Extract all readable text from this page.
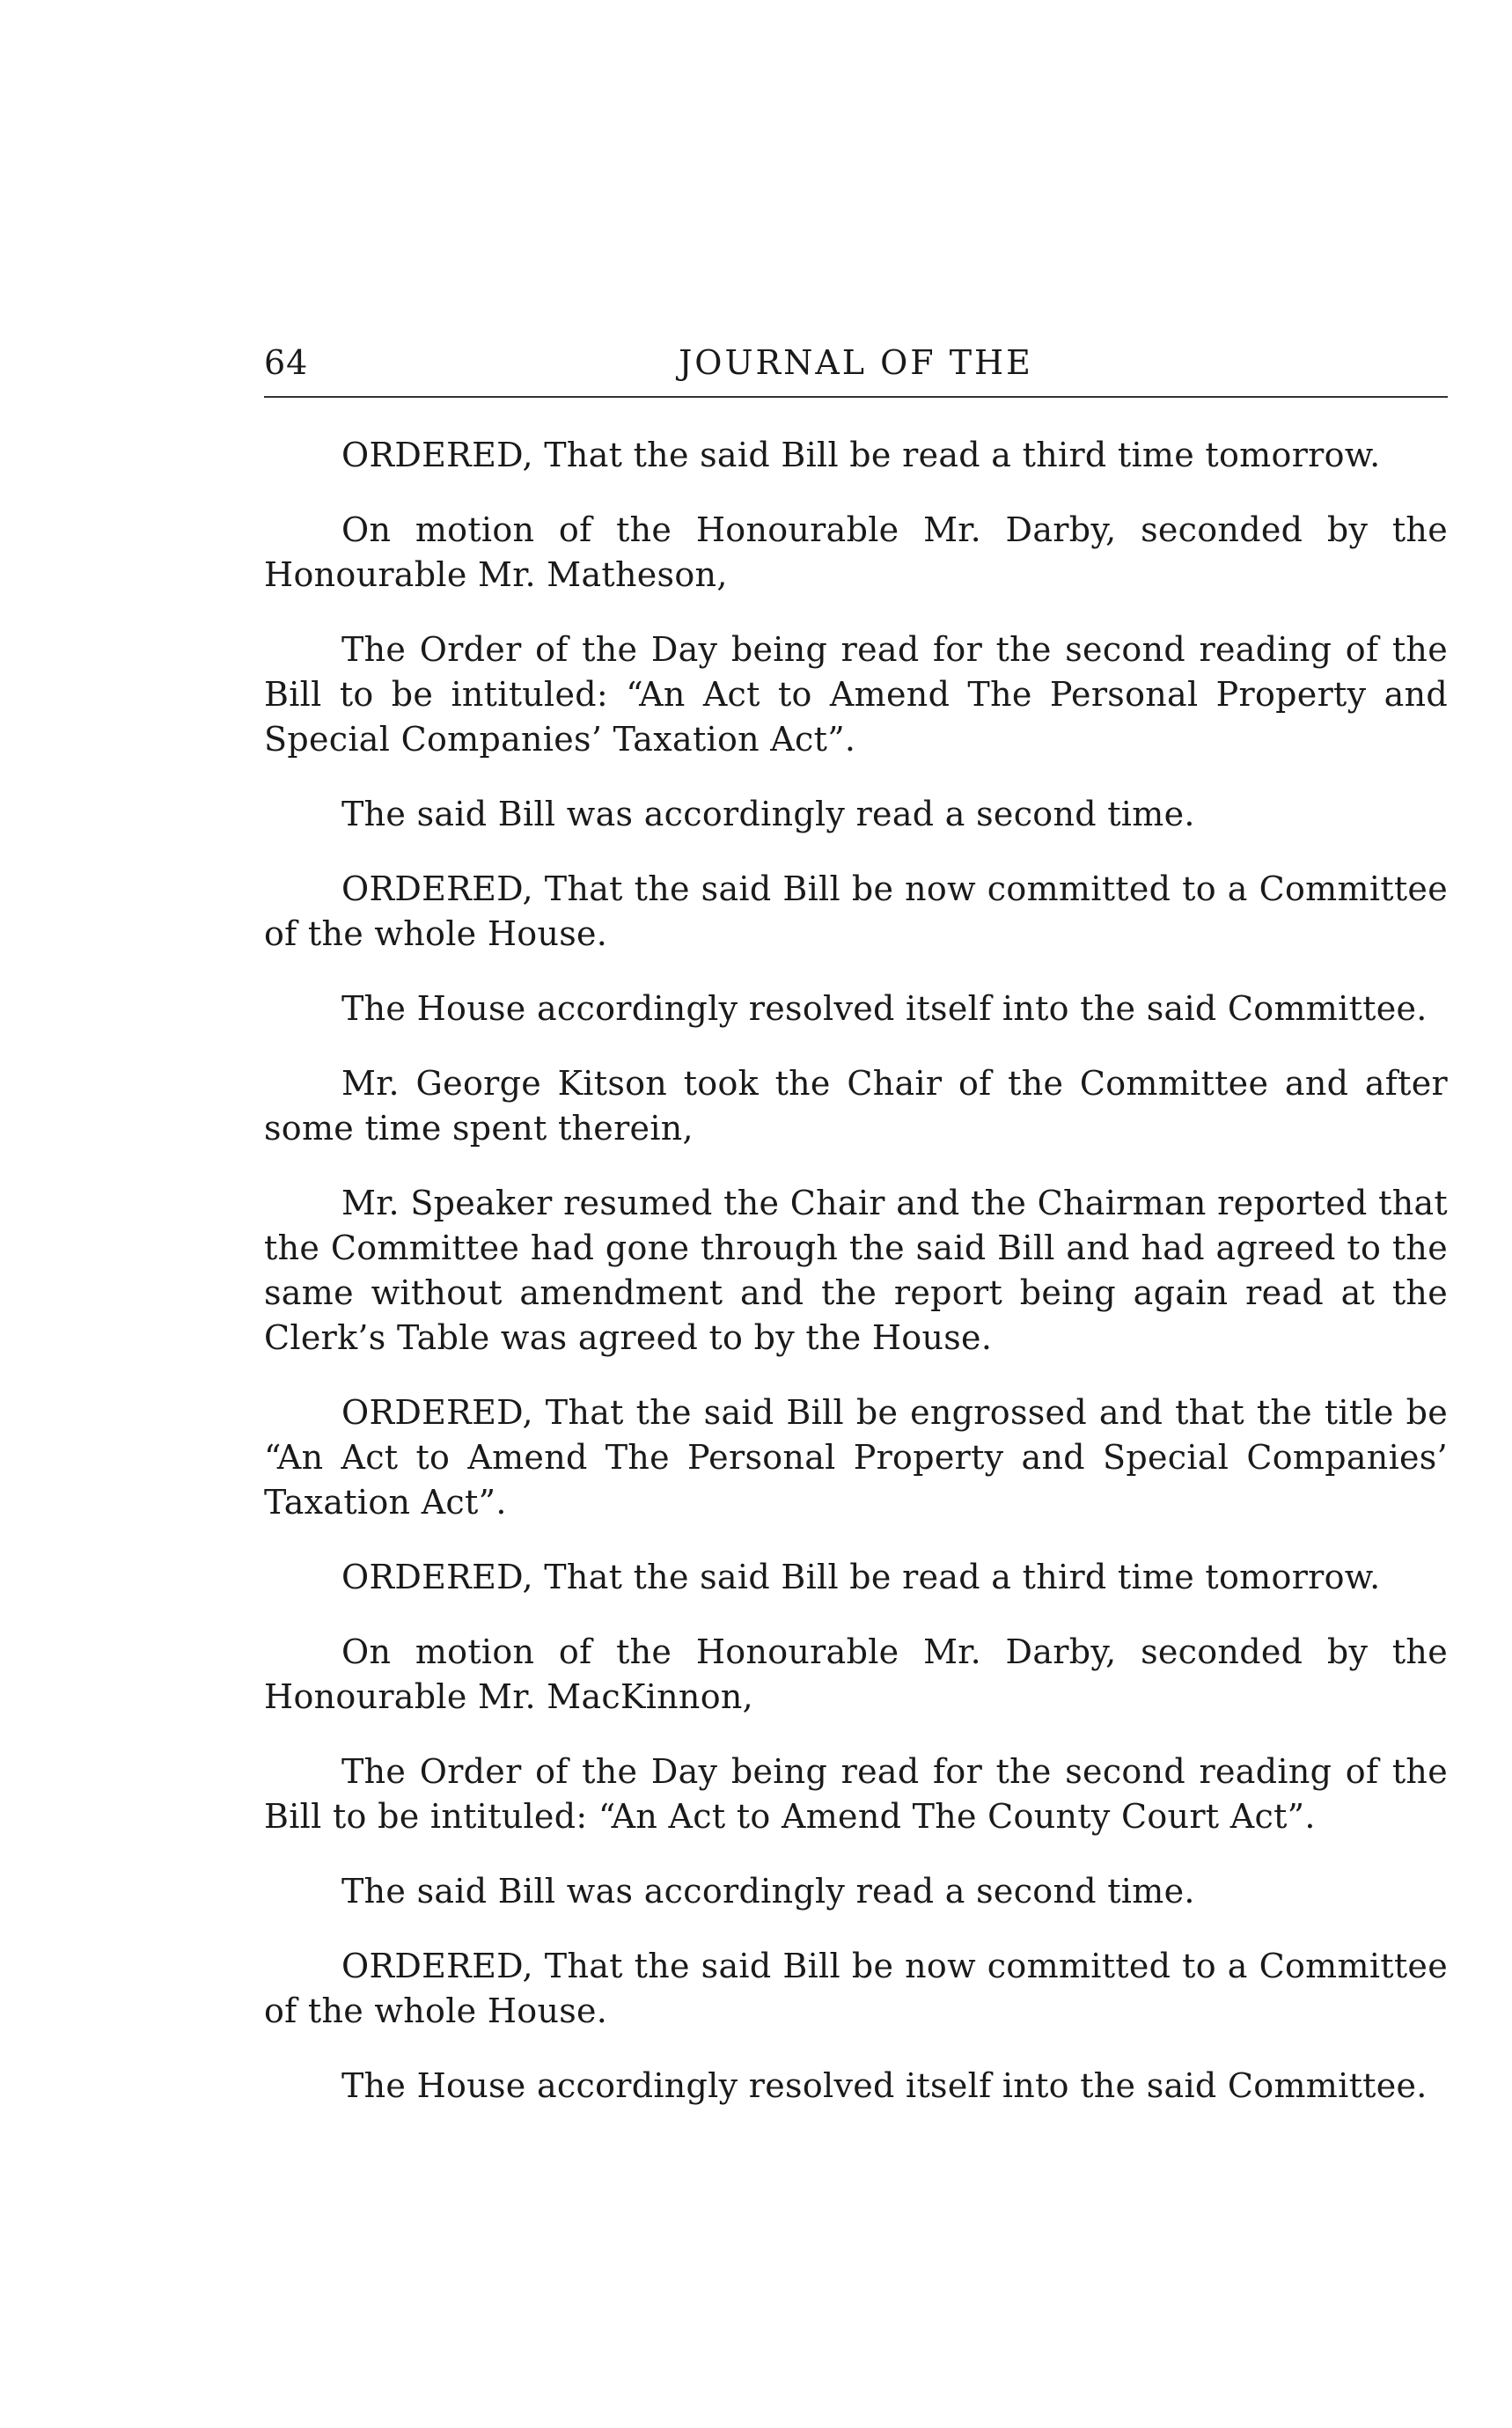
64	JOURNAL OF THE

ORDERED, That the said Bill be read a third time tomorrow.

On motion of the Honourable Mr. Darby, seconded by the Honourable Mr. Matheson,

The Order of the Day being read for the second reading of the Bill to be intituled: “An Act to Amend The Personal Property and Special Companies’ Taxation Act”.

The said Bill was accordingly read a second time.

ORDERED, That the said Bill be now committed to a Committee of the whole House.

The House accordingly resolved itself into the said Committee.

Mr. George Kitson took the Chair of the Committee and after some time spent therein,

Mr. Speaker resumed the Chair and the Chairman reported that the Committee had gone through the said Bill and had agreed to the same without amendment and the report being again read at the Clerk’s Table was agreed to by the House.

ORDERED, That the said Bill be engrossed and that the title be “An Act to Amend The Personal Property and Special Companies’ Taxation Act”.

ORDERED, That the said Bill be read a third time tomorrow.

On motion of the Honourable Mr. Darby, seconded by the Honourable Mr. MacKinnon,

The Order of the Day being read for the second reading of the Bill to be intituled: “An Act to Amend The County Court Act”.

The said Bill was accordingly read a second time.

ORDERED, That the said Bill be now committed to a Committee of the whole House.

The House accordingly resolved itself into the said Committee.
